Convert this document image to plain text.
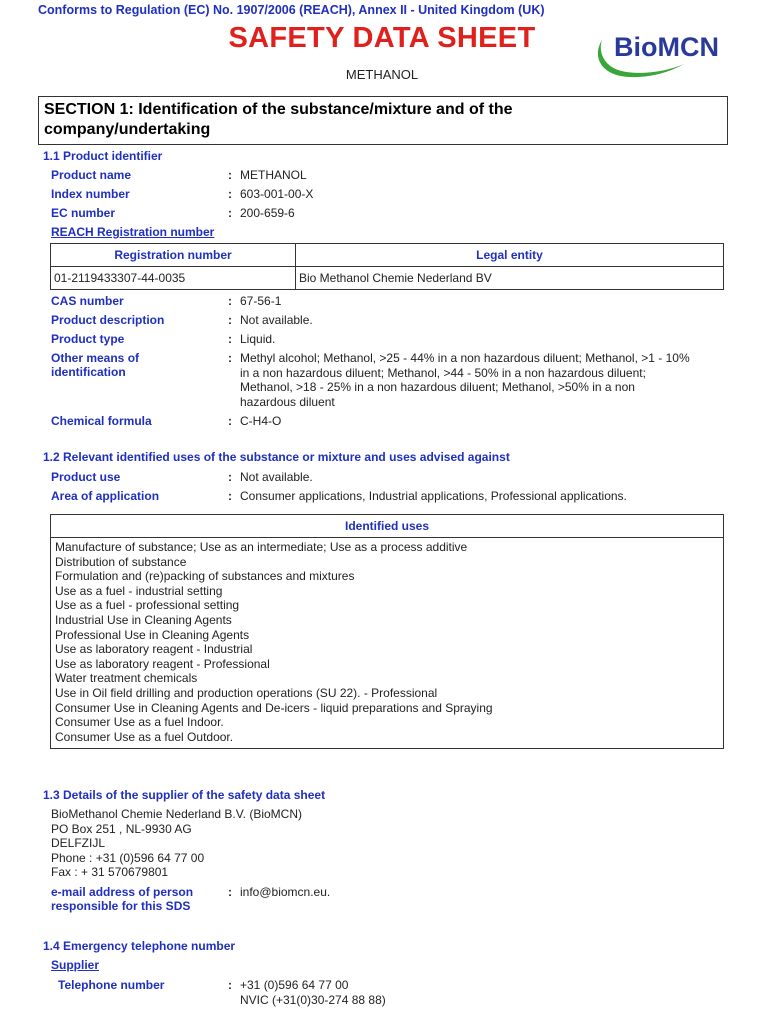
Conforms to Regulation (EC) No. 1907/2006 (REACH), Annex II - United Kingdom (UK)
SAFETY DATA SHEET
METHANOL
BioMCN
SECTION 1: Identification of the substance/mixture and of the
company/undertaking
1.1 Product identifier
Product name	: METHANOL
Index number	: 603-001-00-X
EC number	: 200-659-6
REACH Registration number
Registration number	Legal entity
01-2119433307-44-0035	Bio Methanol Chemie Nederland BV
CAS number	: 67-56-1
Product description	: Not available.
Product type	: Liquid.
Other means of
identification
: Methyl alcohol; Methanol, >25 - 44% in a non hazardous diluent; Methanol, >1 - 10%
in a non hazardous diluent; Methanol, >44 - 50% in a non hazardous diluent;
Methanol, >18 - 25% in a non hazardous diluent; Methanol, >50% in a non
hazardous diluent
Chemical formula	: C-H4-O
1.2 Relevant identified uses of the substance or mixture and uses advised against
Product use	: Not available.
Area of application	: Consumer applications, Industrial applications, Professional applications.
Identified uses
Manufacture of substance; Use as an intermediate; Use as a process additive
Distribution of substance
Formulation and (re)packing of substances and mixtures
Use as a fuel - industrial setting
Use as a fuel - professional setting
Industrial Use in Cleaning Agents
Professional Use in Cleaning Agents
Use as laboratory reagent - Industrial
Use as laboratory reagent - Professional
Water treatment chemicals
Use in Oil field drilling and production operations (SU 22). - Professional
Consumer Use in Cleaning Agents and De-icers - liquid preparations and Spraying
Consumer Use as a fuel Indoor.
Consumer Use as a fuel Outdoor.
1.3 Details of the supplier of the safety data sheet
BioMethanol Chemie Nederland B.V. (BioMCN)
PO Box 251 , NL-9930 AG
DELFZIJL
Phone : +31 (0)596 64 77 00
Fax : + 31 570679801
e-mail address of person
responsible for this SDS
: info@biomcn.eu.
1.4 Emergency telephone number
Supplier
Telephone number	: +31 (0)596 64 77 00
NVIC (+31(0)30-274 88 88)
